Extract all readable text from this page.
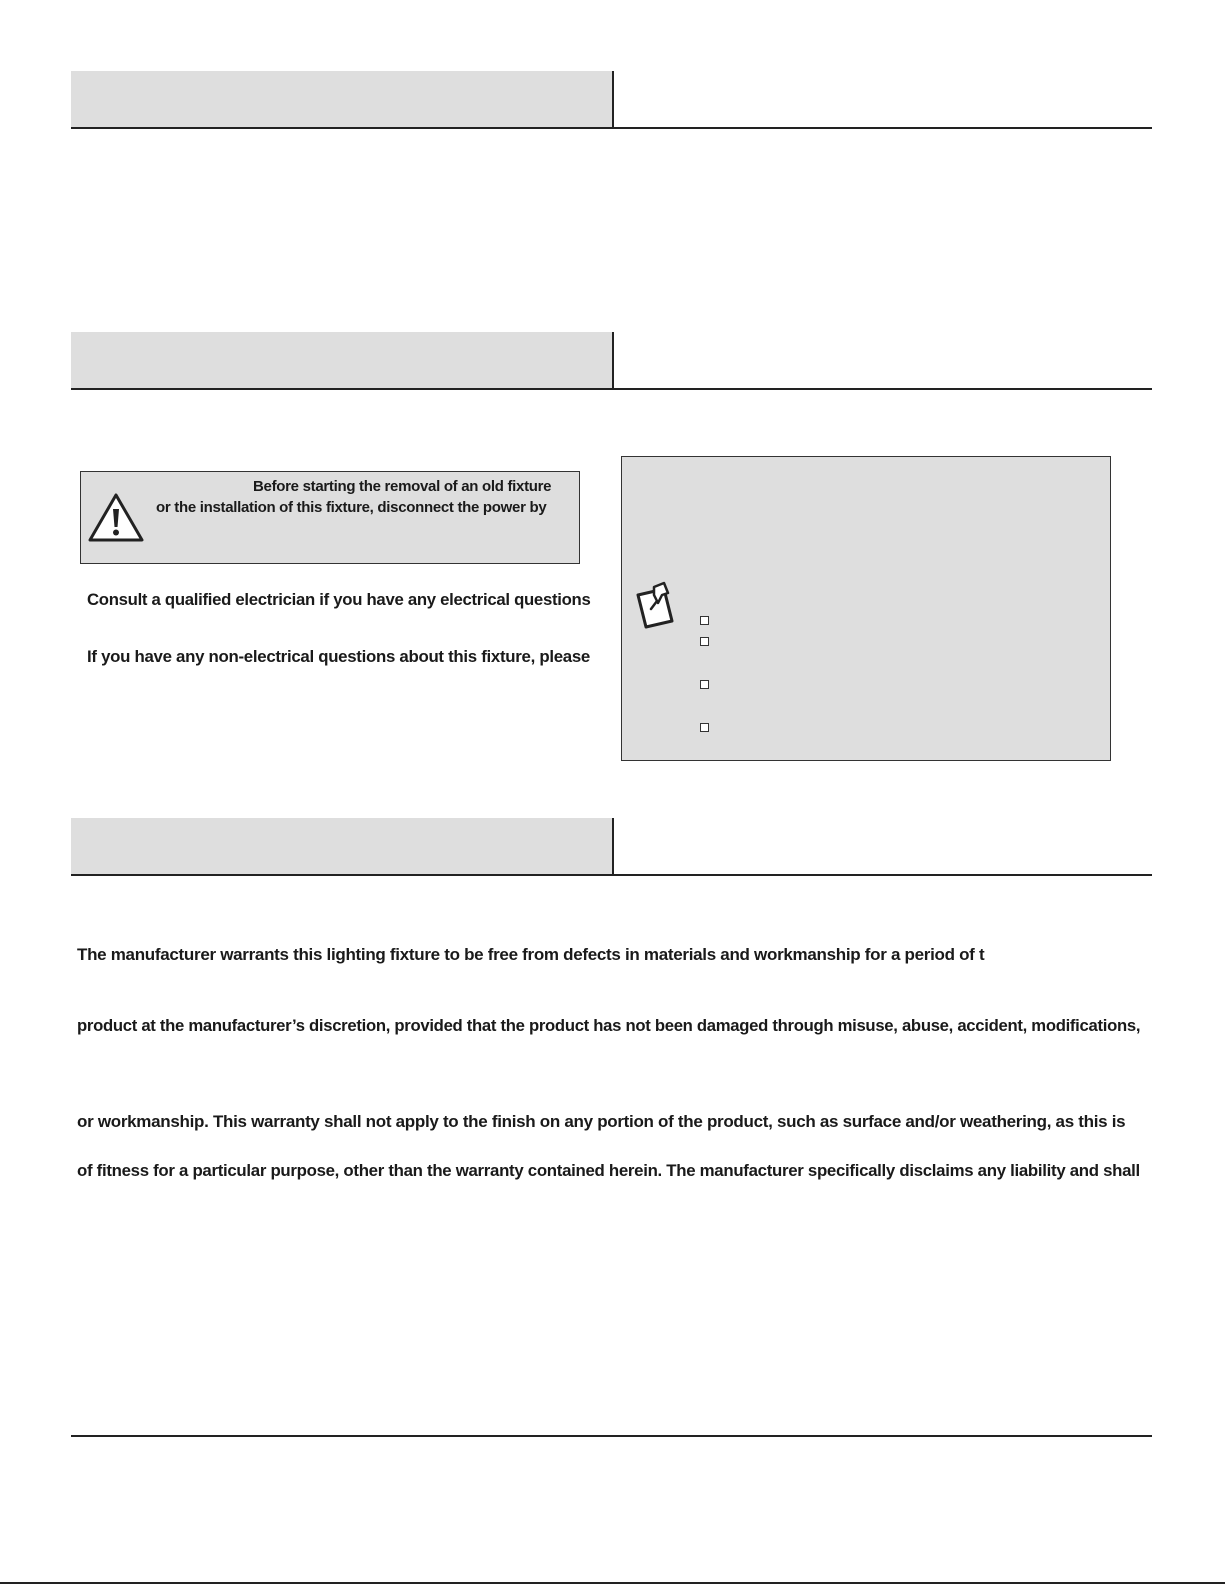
Before starting the removal of an old fixture
or the installation of this fixture, disconnect the power by
Consult a qualified electrician if you have any electrical questions
If you have any non-electrical questions about this fixture, please
The manufacturer warrants this lighting fixture to be free from defects in materials and workmanship for a period of t
product at the manufacturer’s discretion, provided that the product has not been damaged through misuse, abuse, accident, modifications,
or workmanship. This warranty shall not apply to the finish on any portion of the product, such as surface and/or weathering, as this is
of fitness for a particular purpose, other than the warranty contained herein. The manufacturer specifically disclaims any liability and shall
